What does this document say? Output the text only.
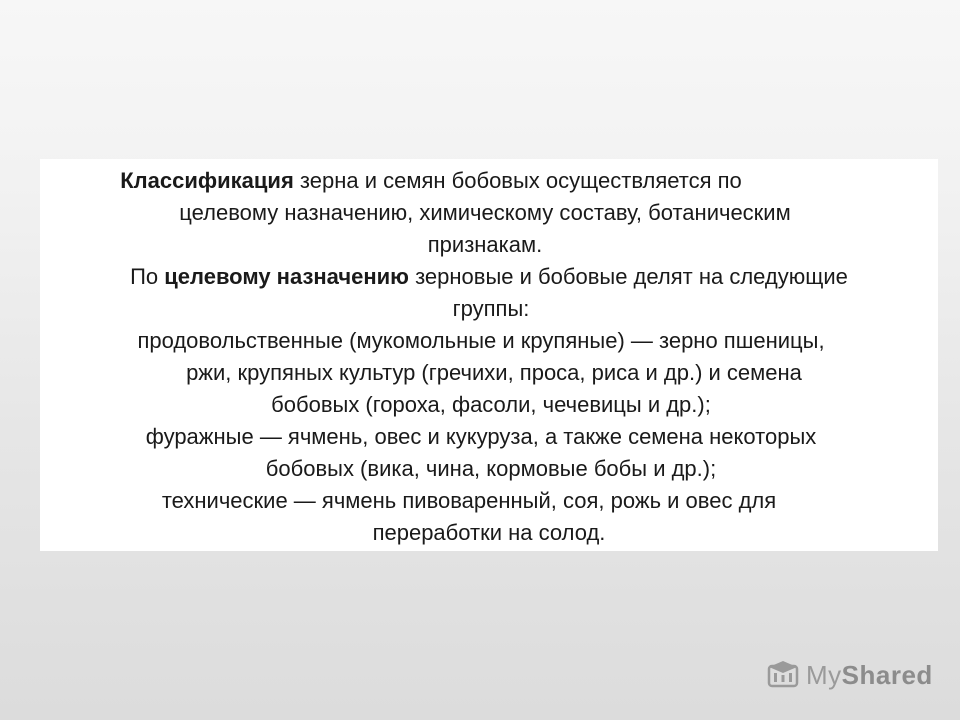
Классификация зерна и семян бобовых осуществляется по
целевому назначению, химическому составу, ботаническим
признакам.
По целевому назначению зерновые и бобовые делят на следующие
группы:
продовольственные (мукомольные и крупяные) — зерно пшеницы,
ржи, крупяных культур (гречихи, проса, риса и др.) и семена
бобовых (гороха, фасоли, чечевицы и др.);
фуражные — ячмень, овес и кукуруза, а также семена некоторых
бобовых (вика, чина, кормовые бобы и др.);
технические — ячмень пивоваренный, соя, рожь и овес для
переработки на солод.
MyShared
